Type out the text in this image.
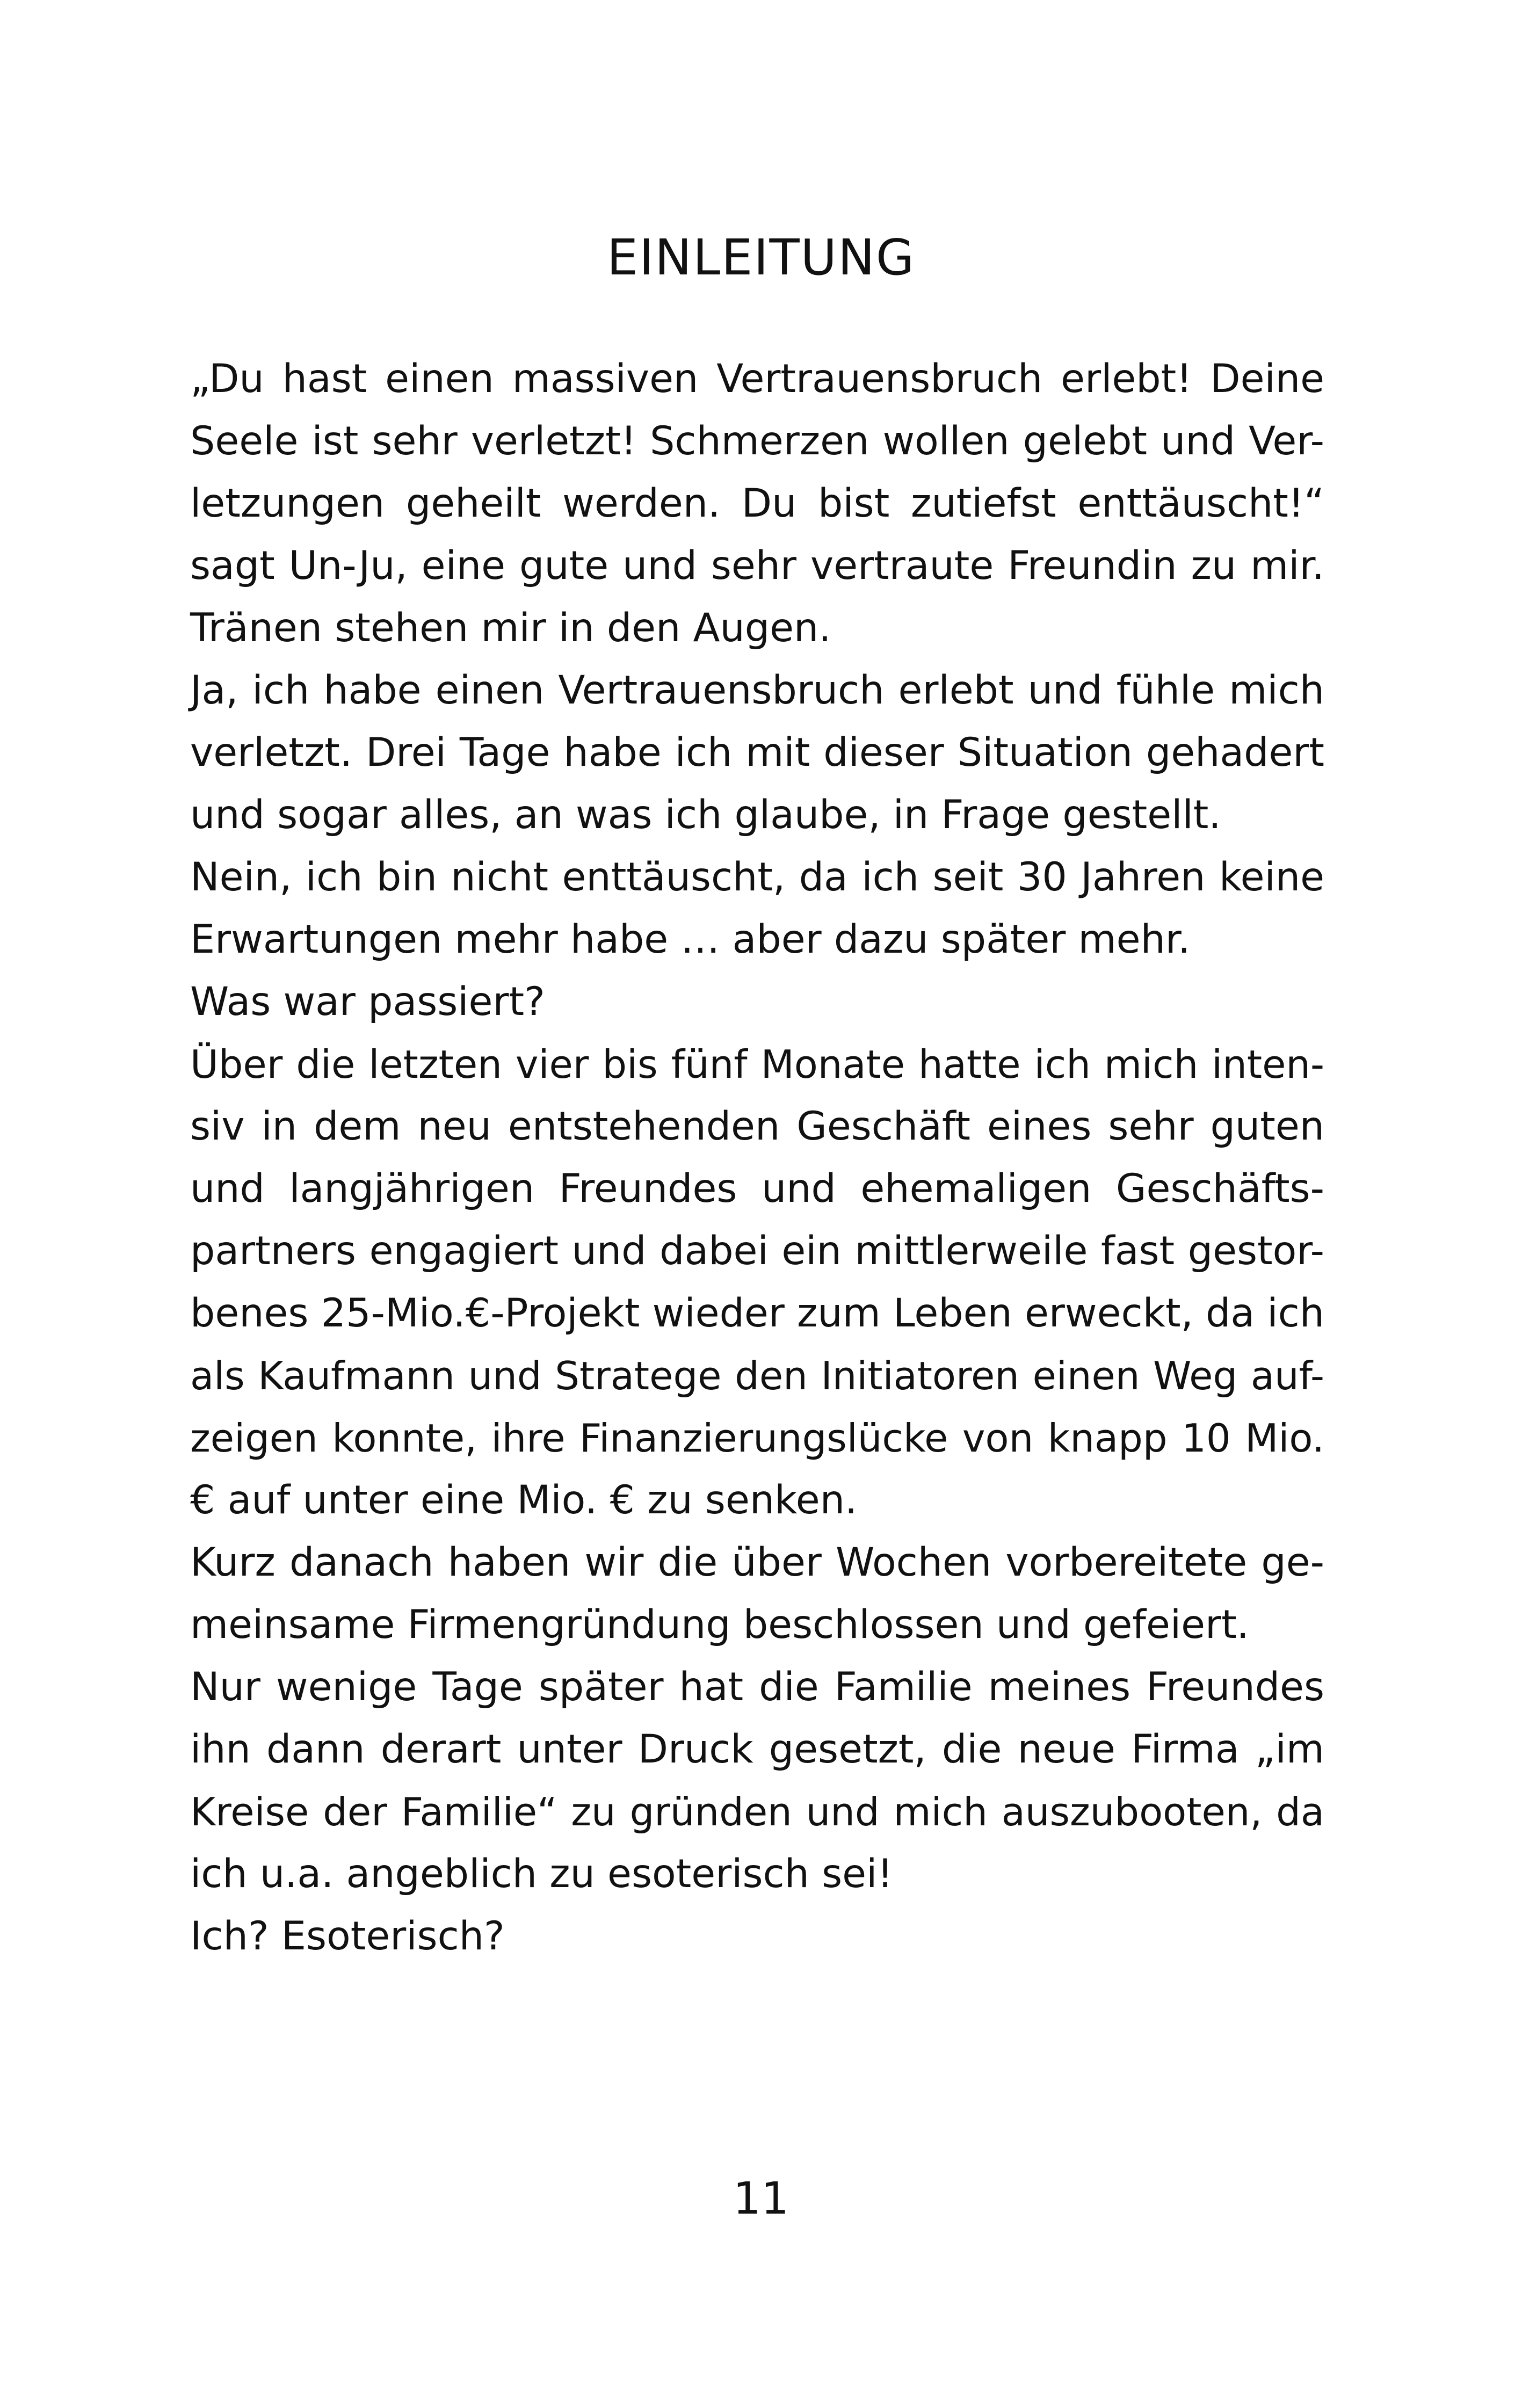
EINLEITUNG
„Du hast einen massiven Vertrauensbruch erlebt! Deine
Seele ist sehr verletzt! Schmerzen wollen gelebt und Ver-
letzungen geheilt werden. Du bist zutiefst enttäuscht!“
sagt Un-Ju, eine gute und sehr vertraute Freundin zu mir.
Tränen stehen mir in den Augen.
Ja, ich habe einen Vertrauensbruch erlebt und fühle mich
verletzt. Drei Tage habe ich mit dieser Situation gehadert
und sogar alles, an was ich glaube, in Frage gestellt.
Nein, ich bin nicht enttäuscht, da ich seit 30 Jahren keine
Erwartungen mehr habe … aber dazu später mehr.
Was war passiert?
Über die letzten vier bis fünf Monate hatte ich mich inten-
siv in dem neu entstehenden Geschäft eines sehr guten
und langjährigen Freundes und ehemaligen Geschäfts-
partners engagiert und dabei ein mittlerweile fast gestor-
benes 25-Mio.€-Projekt wieder zum Leben erweckt, da ich
als Kaufmann und Stratege den Initiatoren einen Weg auf-
zeigen konnte, ihre Finanzierungslücke von knapp 10 Mio.
€ auf unter eine Mio. € zu senken.
Kurz danach haben wir die über Wochen vorbereitete ge-
meinsame Firmengründung beschlossen und gefeiert.
Nur wenige Tage später hat die Familie meines Freundes
ihn dann derart unter Druck gesetzt, die neue Firma „im
Kreise der Familie“ zu gründen und mich auszubooten, da
ich u.a. angeblich zu esoterisch sei!
Ich? Esoterisch?
11
